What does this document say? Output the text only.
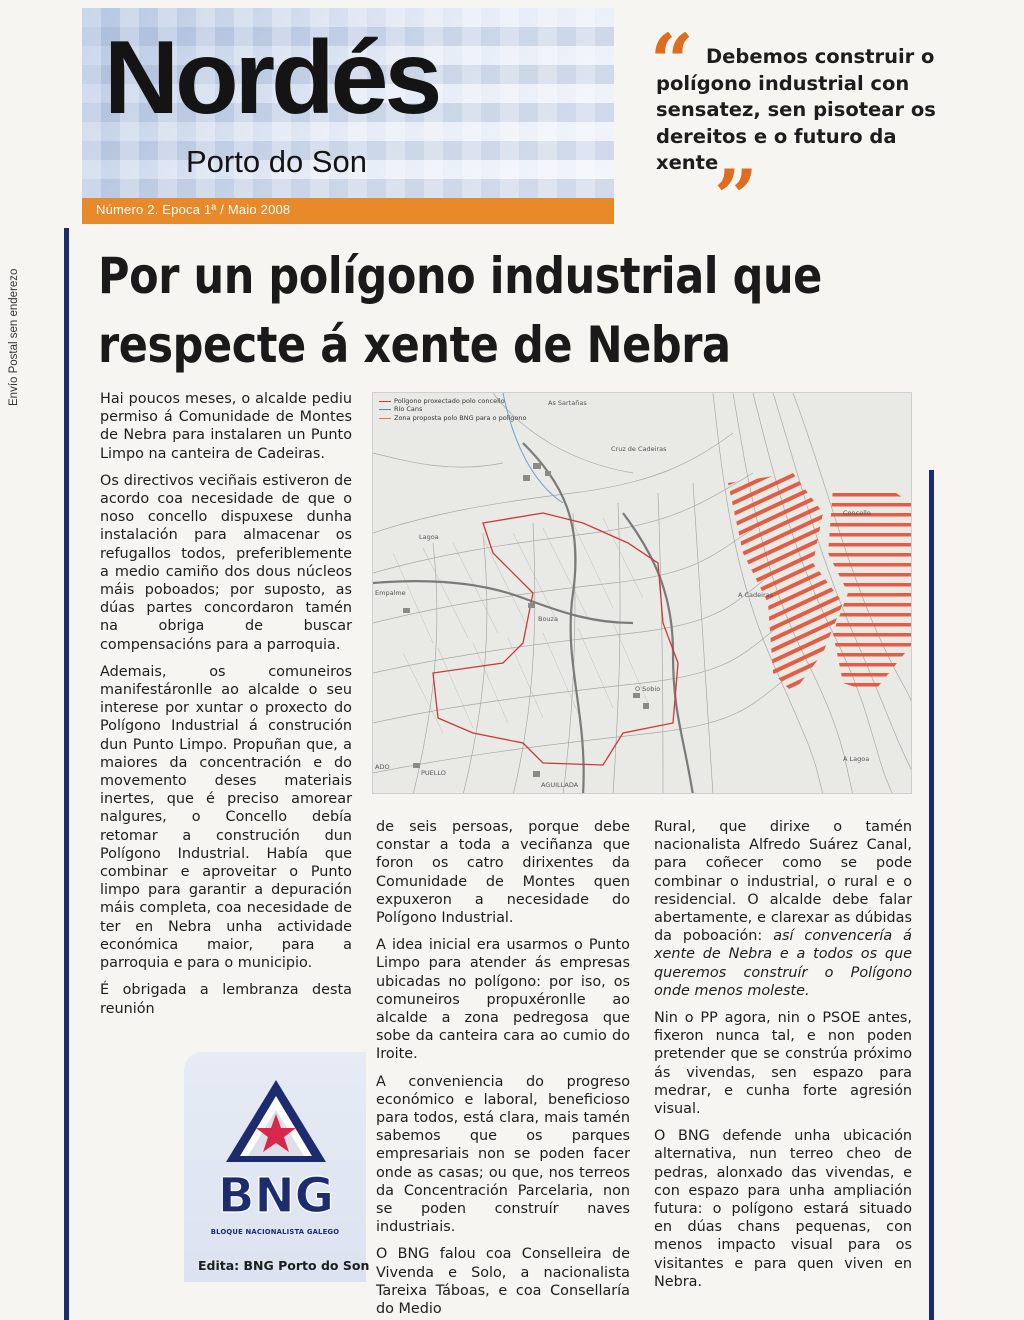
Nordés
Porto do Son
Número 2. Epoca 1ª / Maio 2008
“ Debemos construir o polígono industrial con sensatez, sen pisotear os dereitos e o futuro da xente
”
Envío Postal sen enderezo Por un polígono industrial que
respecte á xente de Nebra

Hai poucos meses, o alcalde pediu permiso á Comunidade de Montes de Nebra para instalaren un Punto Limpo na canteira de Cadeiras.

Os directivos veciñais estiveron de acordo coa necesidade de que o noso concello dispuxese dunha instalación para almacenar os refugallos todos, preferiblemente a medio camiño dos dous núcleos máis poboados; por suposto, as dúas partes concordaron tamén na obriga de buscar compensacións para a parroquia.

Ademais, os comuneiros manifestáronlle ao alcalde o seu interese por xuntar o proxecto do Polígono Industrial á construción dun Punto Limpo. Propuñan que, a maiores da concentración e do movemento deses materiais inertes, que é preciso amorear nalgures, o Concello debía retomar a construción dun Polígono Industrial. Había que combinar e aproveitar o Punto limpo para garantir a depuración máis completa, coa necesidade de ter en Nebra unha actividade económica maior, para a parroquia e para o municipio.

É obrigada a lembranza desta reunión

Polígono proxectado polo concello
Río Cans
Zona proposta polo BNG para o polígono
As Sartañas
Cruz de Cadeiras
Lagoa
Concello
Empalme
Bouza
O Sobio
A Lagoa
ADO
PUELLO
AGUILLADA
A Cadeiras

de seis persoas, porque debe constar a toda a veciñanza que foron os catro dirixentes da Comunidade de Montes quen expuxeron a necesidade do Polígono Industrial.

A idea inicial era usarmos o Punto Limpo para atender ás empresas ubicadas no polígono: por iso, os comuneiros propuxéronlle ao alcalde a zona pedregosa que sobe da canteira cara ao cumio do Iroite.

A conveniencia do progreso económico e laboral, beneficioso para todos, está clara, mais tamén sabemos que os parques empresariais non se poden facer onde as casas; ou que, nos terreos da Concentración Parcelaria, non se poden construír naves industriais.

O BNG falou coa Conselleira de Vivenda e Solo, a nacionalista Tareixa Táboas, e coa Consellaría do Medio

Rural, que dirixe o tamén nacionalista Alfredo Suárez Canal, para coñecer como se pode combinar o industrial, o rural e o residencial. O alcalde debe falar abertamente, e clarexar as dúbidas da poboación: así convencería á xente de Nebra e a todos os que queremos construír o Polígono onde menos moleste.

Nin o PP agora, nin o PSOE antes, fixeron nunca tal, e non poden pretender que se constrúa próximo ás vivendas, sen espazo para medrar, e cunha forte agresión visual.

O BNG defende unha ubicación alternativa, nun terreo cheo de pedras, alonxado das vivendas, e con espazo para unha ampliación futura: o polígono estará situado en dúas chans pequenas, con menos impacto visual para os visitantes e para quen viven en Nebra.

BNG
BLOQUE NACIONALISTA GALEGO
Edita: BNG Porto do Son
